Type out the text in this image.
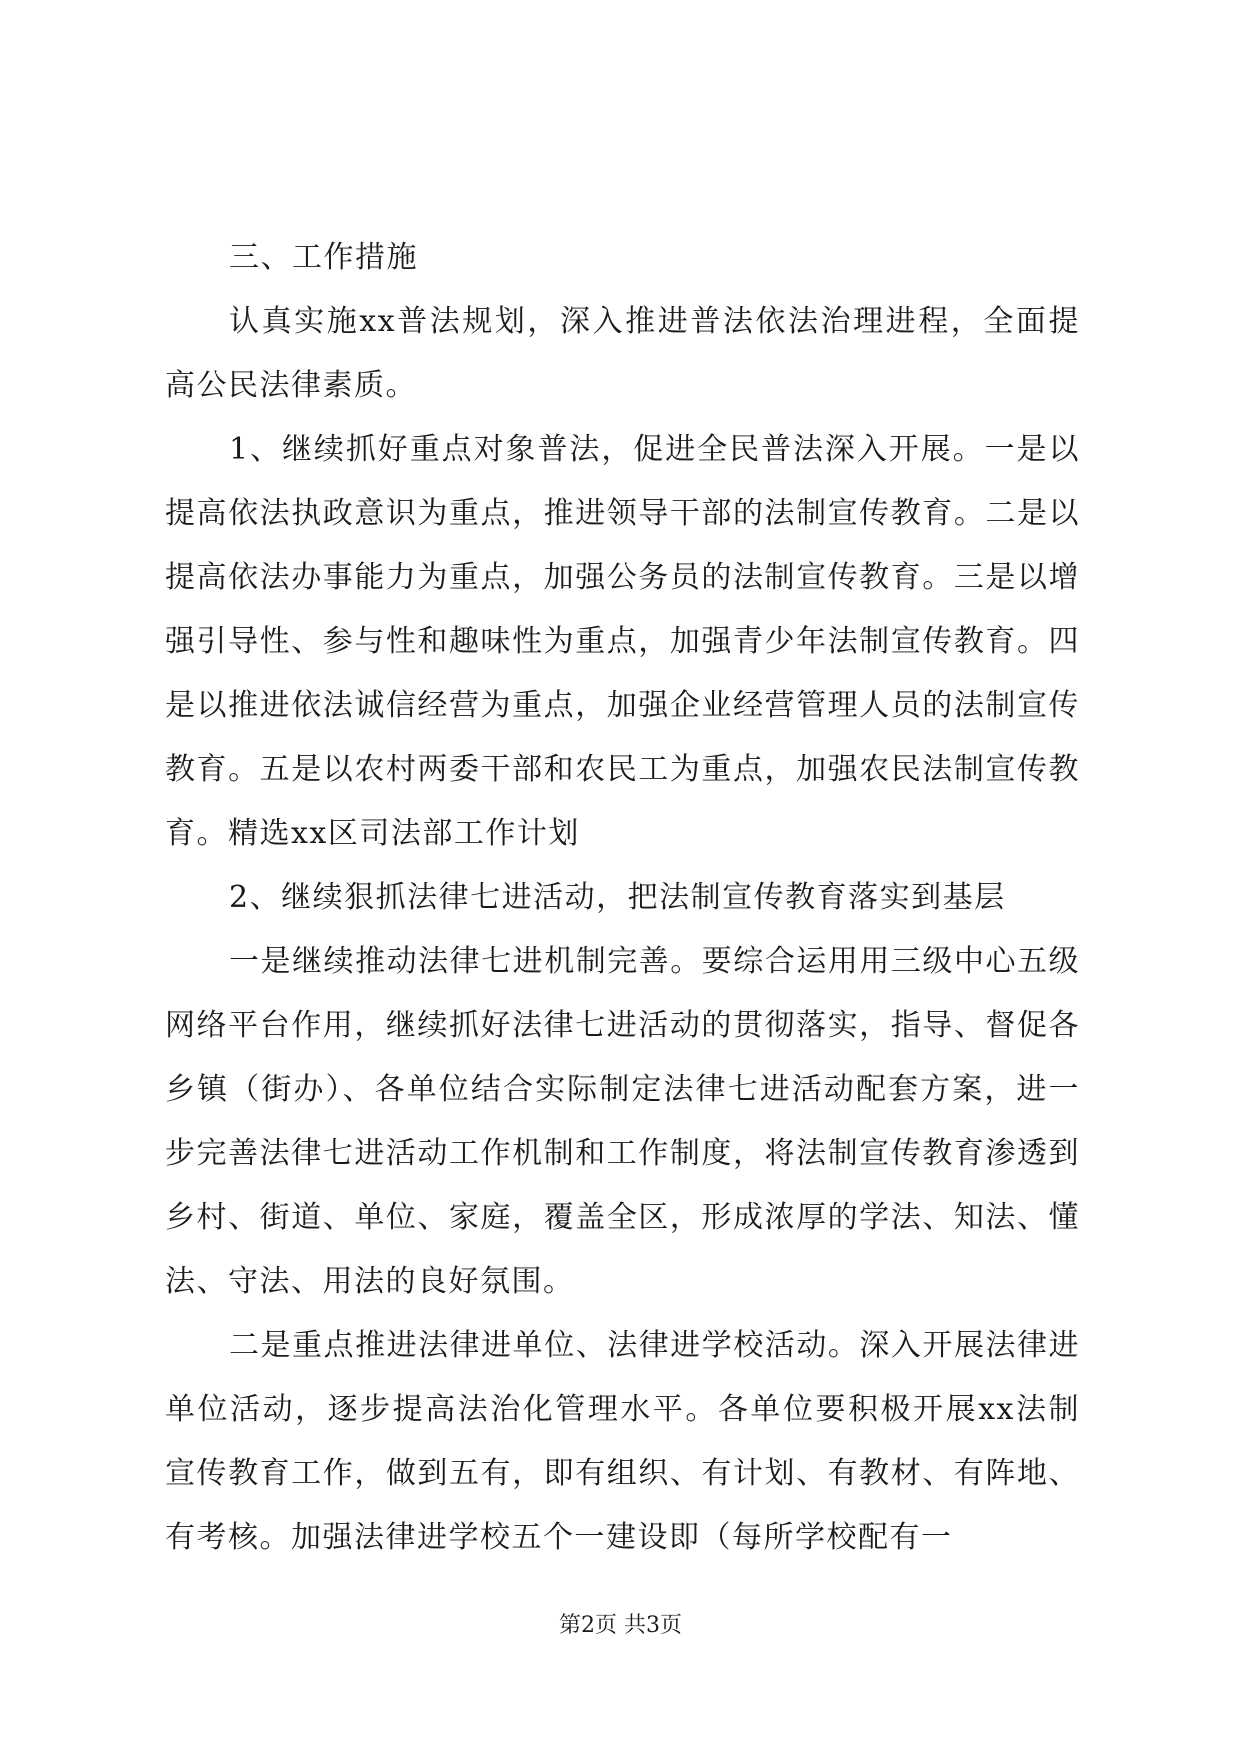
三、工作措施

认真实施xx普法规划，深入推进普法依法治理进程，全面提高公民法律素质。

1、继续抓好重点对象普法，促进全民普法深入开展。一是以提高依法执政意识为重点，推进领导干部的法制宣传教育。二是以提高依法办事能力为重点，加强公务员的法制宣传教育。三是以增强引导性、参与性和趣味性为重点，加强青少年法制宣传教育。四是以推进依法诚信经营为重点，加强企业经营管理人员的法制宣传教育。五是以农村两委干部和农民工为重点，加强农民法制宣传教育。精选xx区司法部工作计划

2、继续狠抓法律七进活动，把法制宣传教育落实到基层

一是继续推动法律七进机制完善。要综合运用用三级中心五级网络平台作用，继续抓好法律七进活动的贯彻落实，指导、督促各乡镇（街办）、各单位结合实际制定法律七进活动配套方案，进一步完善法律七进活动工作机制和工作制度，将法制宣传教育渗透到乡村、街道、单位、家庭，覆盖全区，形成浓厚的学法、知法、懂法、守法、用法的良好氛围。

二是重点推进法律进单位、法律进学校活动。深入开展法律进单位活动，逐步提高法治化管理水平。各单位要积极开展xx法制宣传教育工作，做到五有，即有组织、有计划、有教材、有阵地、有考核。加强法律进学校五个一建设即（每所学校配有一

第2页 共3页
